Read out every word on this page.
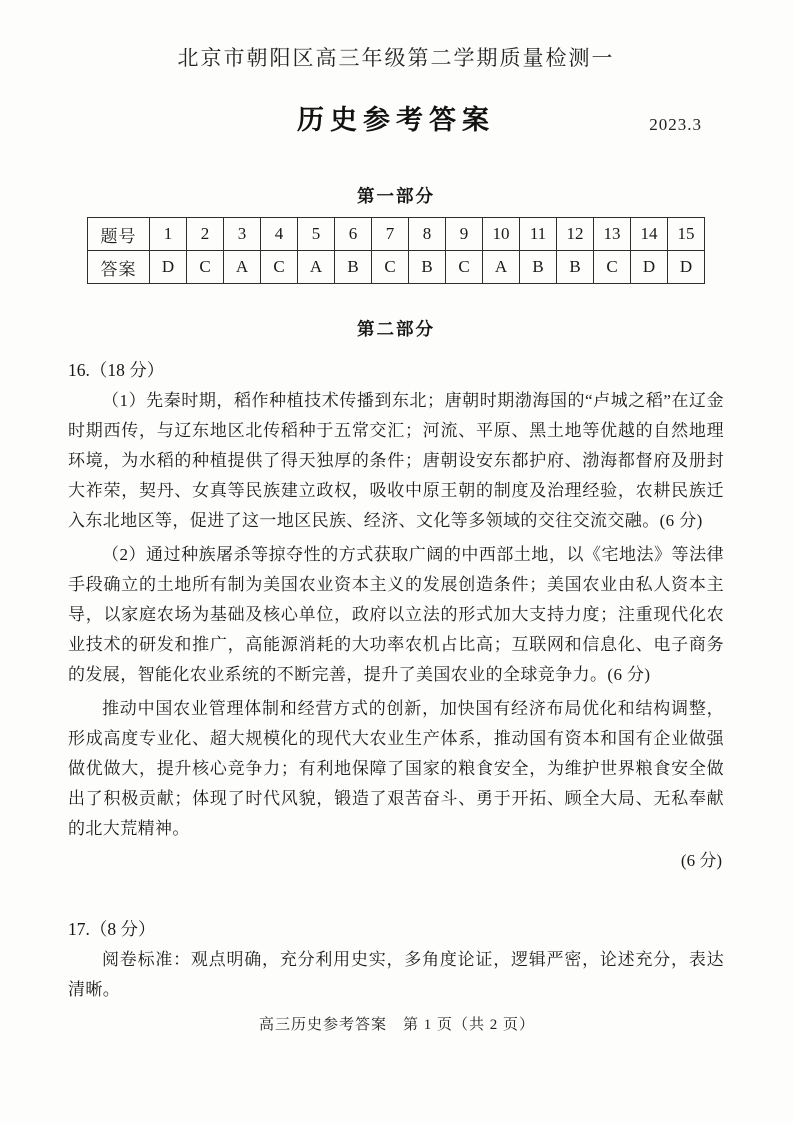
北京市朝阳区高三年级第二学期质量检测一
历史参考答案	2023.3
第一部分
题号	1	2	3	4	5	6	7	8	9	10	11	12	13	14	15
答案	D	C	A	C	A	B	C	B	C	A	B	B	C	D	D
第二部分
16.（18 分）
（1）先秦时期，稻作种植技术传播到东北；唐朝时期渤海国的“卢城之稻”在辽金时期西传，与辽东地区北传稻种于五常交汇；河流、平原、黑土地等优越的自然地理环境，为水稻的种植提供了得天独厚的条件；唐朝设安东都护府、渤海都督府及册封大祚荣，契丹、女真等民族建立政权，吸收中原王朝的制度及治理经验，农耕民族迁入东北地区等，促进了这一地区民族、经济、文化等多领域的交往交流交融。(6 分)
（2）通过种族屠杀等掠夺性的方式获取广阔的中西部土地，以《宅地法》等法律手段确立的土地所有制为美国农业资本主义的发展创造条件；美国农业由私人资本主导，以家庭农场为基础及核心单位，政府以立法的形式加大支持力度；注重现代化农业技术的研发和推广，高能源消耗的大功率农机占比高；互联网和信息化、电子商务的发展，智能化农业系统的不断完善，提升了美国农业的全球竞争力。(6 分)
推动中国农业管理体制和经营方式的创新，加快国有经济布局优化和结构调整，形成高度专业化、超大规模化的现代大农业生产体系，推动国有资本和国有企业做强做优做大，提升核心竞争力；有利地保障了国家的粮食安全，为维护世界粮食安全做出了积极贡献；体现了时代风貌，锻造了艰苦奋斗、勇于开拓、顾全大局、无私奉献的北大荒精神。
(6 分)
17.（8 分）
阅卷标准：观点明确，充分利用史实，多角度论证，逻辑严密，论述充分，表达清晰。
高三历史参考答案　第 1 页（共 2 页）
